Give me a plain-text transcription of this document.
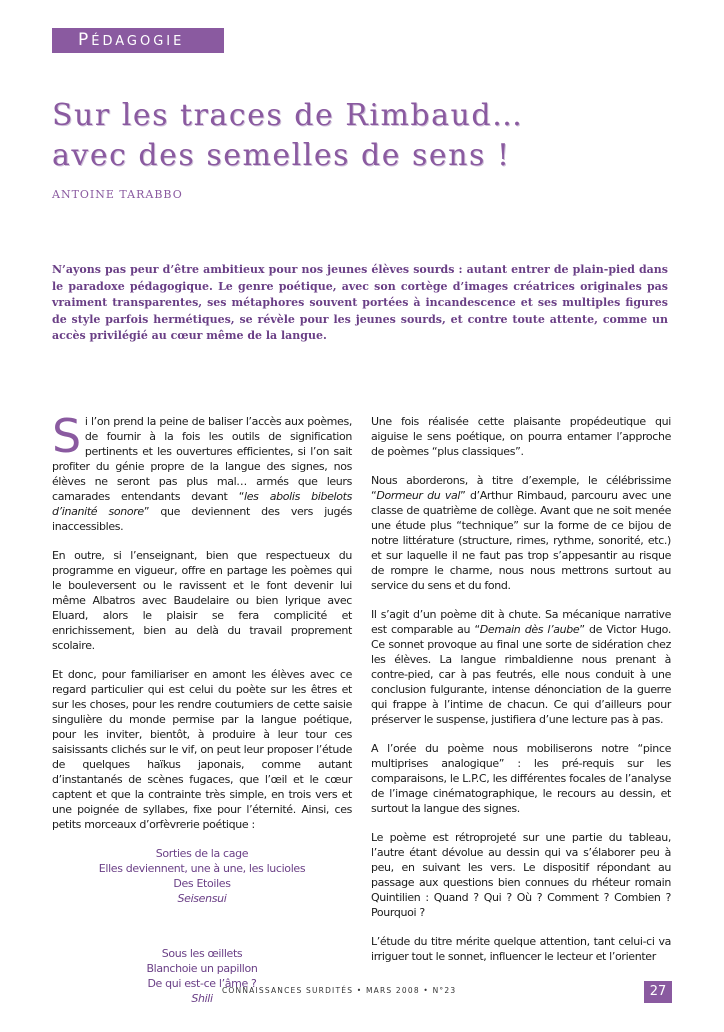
PÉDAGOGIE
Sur les traces de Rimbaud…
avec des semelles de sens !
ANTOINE TARABBO

N’ayons pas peur d’être ambitieux pour nos jeunes élèves sourds : autant entrer de plain-pied dans le paradoxe pédagogique. Le genre poétique, avec son cortège d’images créatrices originales pas vraiment transparentes, ses métaphores souvent portées à incandescence et ses multiples figures de style parfois hermétiques, se révèle pour les jeunes sourds, et contre toute attente, comme un accès privilégié au cœur même de la langue.

Si l’on prend la peine de baliser l’accès aux poèmes, de fournir à la fois les outils de signification pertinents et les ouvertures efficientes, si l’on sait profiter du génie propre de la langue des signes, nos élèves ne seront pas plus mal… armés que leurs camarades entendants devant “les abolis bibelots d’inanité sonore” que deviennent des vers jugés inaccessibles.

En outre, si l’enseignant, bien que respectueux du programme en vigueur, offre en partage les poèmes qui le bouleversent ou le ravissent et le font devenir lui même Albatros avec Baudelaire ou bien lyrique avec Eluard, alors le plaisir se fera complicité et enrichissement, bien au delà du travail proprement scolaire.

Et donc, pour familiariser en amont les élèves avec ce regard particulier qui est celui du poète sur les êtres et sur les choses, pour les rendre coutumiers de cette saisie singulière du monde permise par la langue poétique, pour les inviter, bientôt, à produire à leur tour ces saisissants clichés sur le vif, on peut leur proposer l’étude de quelques haïkus japonais, comme autant d’instantanés de scènes fugaces, que l’œil et le cœur captent et que la contrainte très simple, en trois vers et une poignée de syllabes, fixe pour l’éternité. Ainsi, ces petits morceaux d’orfèvrerie poétique :

Sorties de la cage
Elles deviennent, une à une, les lucioles
Des Etoiles
Seisensui
Sous les œillets
Blanchoie un papillon
De qui est-ce l’âme ?
Shili

Une fois réalisée cette plaisante propédeutique qui aiguise le sens poétique, on pourra entamer l’approche de poèmes “plus classiques”.

Nous aborderons, à titre d’exemple, le célébrissime “Dormeur du val” d’Arthur Rimbaud, parcouru avec une classe de quatrième de collège. Avant que ne soit menée une étude plus “technique” sur la forme de ce bijou de notre littérature (structure, rimes, rythme, sonorité, etc.) et sur laquelle il ne faut pas trop s’appesantir au risque de rompre le charme, nous nous mettrons surtout au service du sens et du fond.

Il s’agit d’un poème dit à chute. Sa mécanique narrative est comparable au “Demain dès l’aube” de Victor Hugo. Ce sonnet provoque au final une sorte de sidération chez les élèves. La langue rimbaldienne nous prenant à contre-pied, car à pas feutrés, elle nous conduit à une conclusion fulgurante, intense dénonciation de la guerre qui frappe à l’intime de chacun. Ce qui d’ailleurs pour préserver le suspense, justifiera d’une lecture pas à pas.

A l’orée du poème nous mobiliserons notre “pince multiprises analogique” : les pré-requis sur les comparaisons, le L.P.C, les différentes focales de l’analyse de l’image cinématographique, le recours au dessin, et surtout la langue des signes.

Le poème est rétroprojeté sur une partie du tableau, l’autre étant dévolue au dessin qui va s’élaborer peu à peu, en suivant les vers. Le dispositif répondant au passage aux questions bien connues du rhéteur romain Quintilien : Quand ? Qui ? Où ? Comment ? Combien ? Pourquoi ?

L’étude du titre mérite quelque attention, tant celui-ci va irriguer tout le sonnet, influencer le lecteur et l’orienter

CONNAISSANCES SURDITÉS • MARS 2008 • N°23	27
